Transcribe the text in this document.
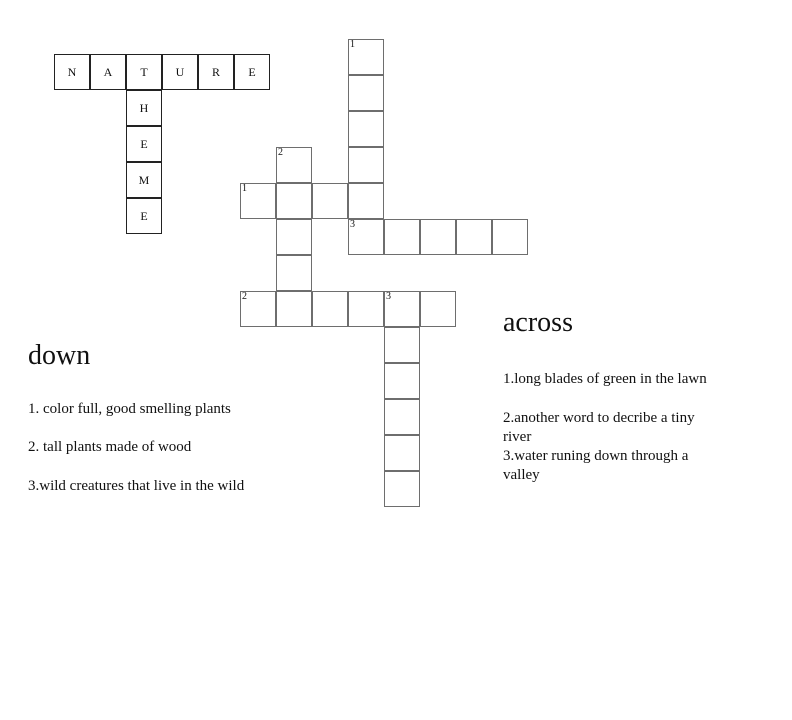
N	A	T	U	R	E
H
E
M
E
1
2
1
3
2	3
down
1. color full, good smelling plants
2. tall plants made of wood
3.wild creatures that live in the wild
across
1.long blades of green in the lawn
2.another word to decribe a tiny river
3.water runing down through a valley
